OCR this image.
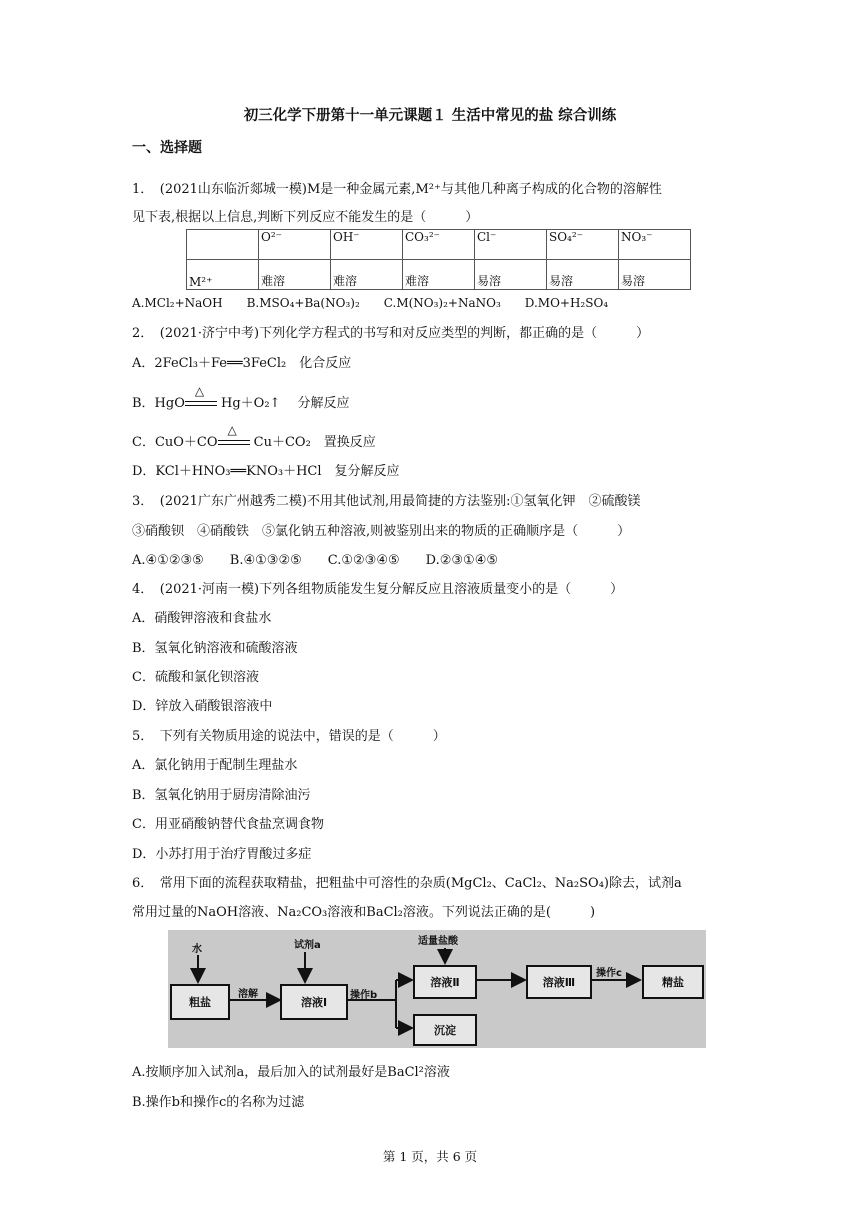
初三化学下册第十一单元课题１ 生活中常见的盐 综合训练
一、选择题
1．　(2021山东临沂郯城一模)M是一种金属元素,M²⁺与其他几种离子构成的化合物的溶解性
见下表,根据以上信息,判断下列反应不能发生的是（　　　）
	O²⁻	OH⁻	CO₃²⁻	Cl⁻	SO₄²⁻	NO₃⁻
M²⁺	难溶	难溶	难溶	易溶	易溶	易溶
A.MCl₂+NaOH　　B.MSO₄+Ba(NO₃)₂　　C.M(NO₃)₂+NaNO₃　　D.MO+H₂SO₄
2．　(2021·济宁中考)下列化学方程式的书写和对反应类型的判断，都正确的是（　　　）
A．2FeCl₃＋Fe══3FeCl₂　化合反应
B．HgO
△
Hg＋O₂↑　 分解反应
C．CuO＋CO
△
Cu＋CO₂　置换反应
D．KCl＋HNO₃══KNO₃＋HCl　复分解反应
3．　(2021广东广州越秀二模)不用其他试剂,用最简捷的方法鉴别:①氢氧化钾　②硫酸镁
③硝酸钡　④硝酸铁　⑤氯化钠五种溶液,则被鉴别出来的物质的正确顺序是（　　　）
A.④①②③⑤　　B.④①③②⑤　　C.①②③④⑤　　D.②③①④⑤
4．　(2021·河南一模)下列各组物质能发生复分解反应且溶液质量变小的是（　　　）
A．硝酸钾溶液和食盐水
B．氢氧化钠溶液和硫酸溶液
C．硫酸和氯化钡溶液
D．锌放入硝酸银溶液中
5．　下列有关物质用途的说法中，错误的是（　　　）
A．氯化钠用于配制生理盐水
B．氢氧化钠用于厨房清除油污
C．用亚硝酸钠替代食盐烹调食物
D．小苏打用于治疗胃酸过多症
6．　常用下面的流程获取精盐，把粗盐中可溶性的杂质(MgCl₂、CaCl₂、Na₂SO₄)除去，试剂a
常用过量的NaOH溶液、Na₂CO₃溶液和BaCl₂溶液。下列说法正确的是(　　　)
水
粗盐
溶解
试剂a
溶液Ⅰ
操作b
适量盐酸
溶液Ⅱ
沉淀
溶液Ⅲ
操作c
精盐
A.按顺序加入试剂a，最后加入的试剂最好是BaCl²溶液
B.操作b和操作c的名称为过滤
第 1 页，共 6 页
